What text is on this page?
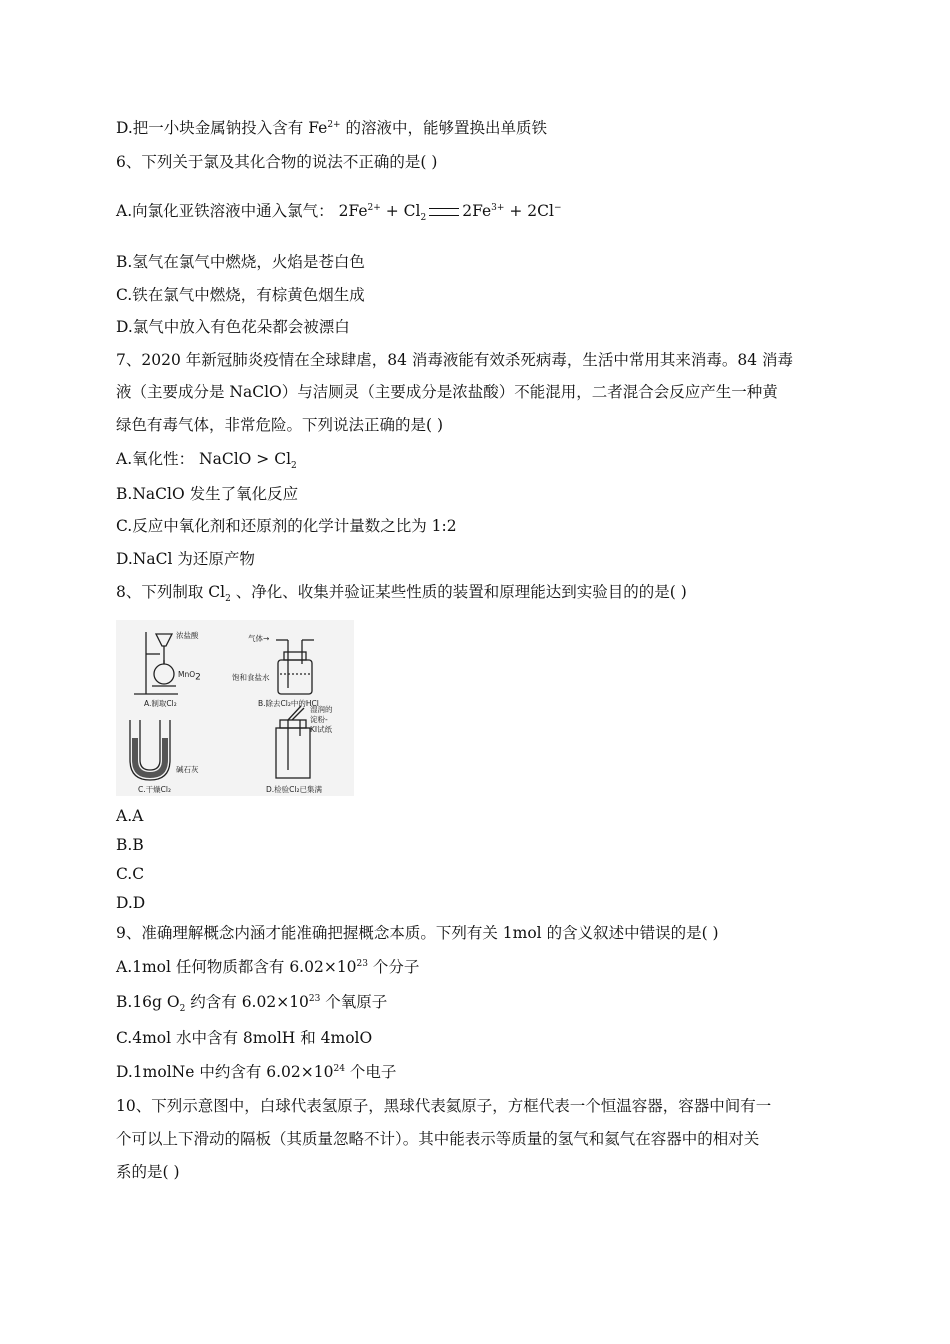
D.把一小块金属钠投入含有 $Fe^{2+}$ 的溶液中，能够置换出单质铁
6、下列关于氯及其化合物的说法不正确的是( )
A.向氯化亚铁溶液中通入氯气： $2Fe^{2+} + Cl_2$ $2Fe^{3+} + 2Cl^-$
B.氢气在氯气中燃烧，火焰是苍白色
C.铁在氯气中燃烧，有棕黄色烟生成
D.氯气中放入有色花朵都会被漂白
7、2020 年新冠肺炎疫情在全球肆虐，84 消毒液能有效杀死病毒，生活中常用其来消毒。84 消毒
液（主要成分是 NaClO）与洁厕灵（主要成分是浓盐酸）不能混用，二者混合会反应产生一种黄
绿色有毒气体，非常危险。下列说法正确的是( )
A.氧化性： NaClO > $Cl_2$
B.NaClO 发生了氧化反应
C.反应中氧化剂和还原剂的化学计量数之比为 1:2
D.NaCl 为还原产物
8、下列制取 $Cl_2$ 、净化、收集并验证某些性质的装置和原理能达到实验目的的是( )
浓盐酸
MnO$_2$
A.制取Cl₂
气体→
饱和食盐水
B.除去Cl₂中的HCl
碱石灰
C.干燥Cl₂
湿润的
淀粉-
KI试纸
D.检验Cl₂已集满
A.A
B.B
C.C
D.D
9、准确理解概念内涵才能准确把握概念本质。下列有关 1mol 的含义叙述中错误的是( )
A.1mol 任何物质都含有 $6.02\times 10^{23}$ 个分子
B.16g $O_2$ 约含有 $6.02\times 10^{23}$ 个氧原子
C.4mol 水中含有 8molH 和 4molO
D.1molNe 中约含有 $6.02\times 10^{24}$ 个电子
10、下列示意图中，白球代表氢原子，黑球代表氦原子，方框代表一个恒温容器，容器中间有一
个可以上下滑动的隔板（其质量忽略不计）。其中能表示等质量的氢气和氦气在容器中的相对关
系的是( )
